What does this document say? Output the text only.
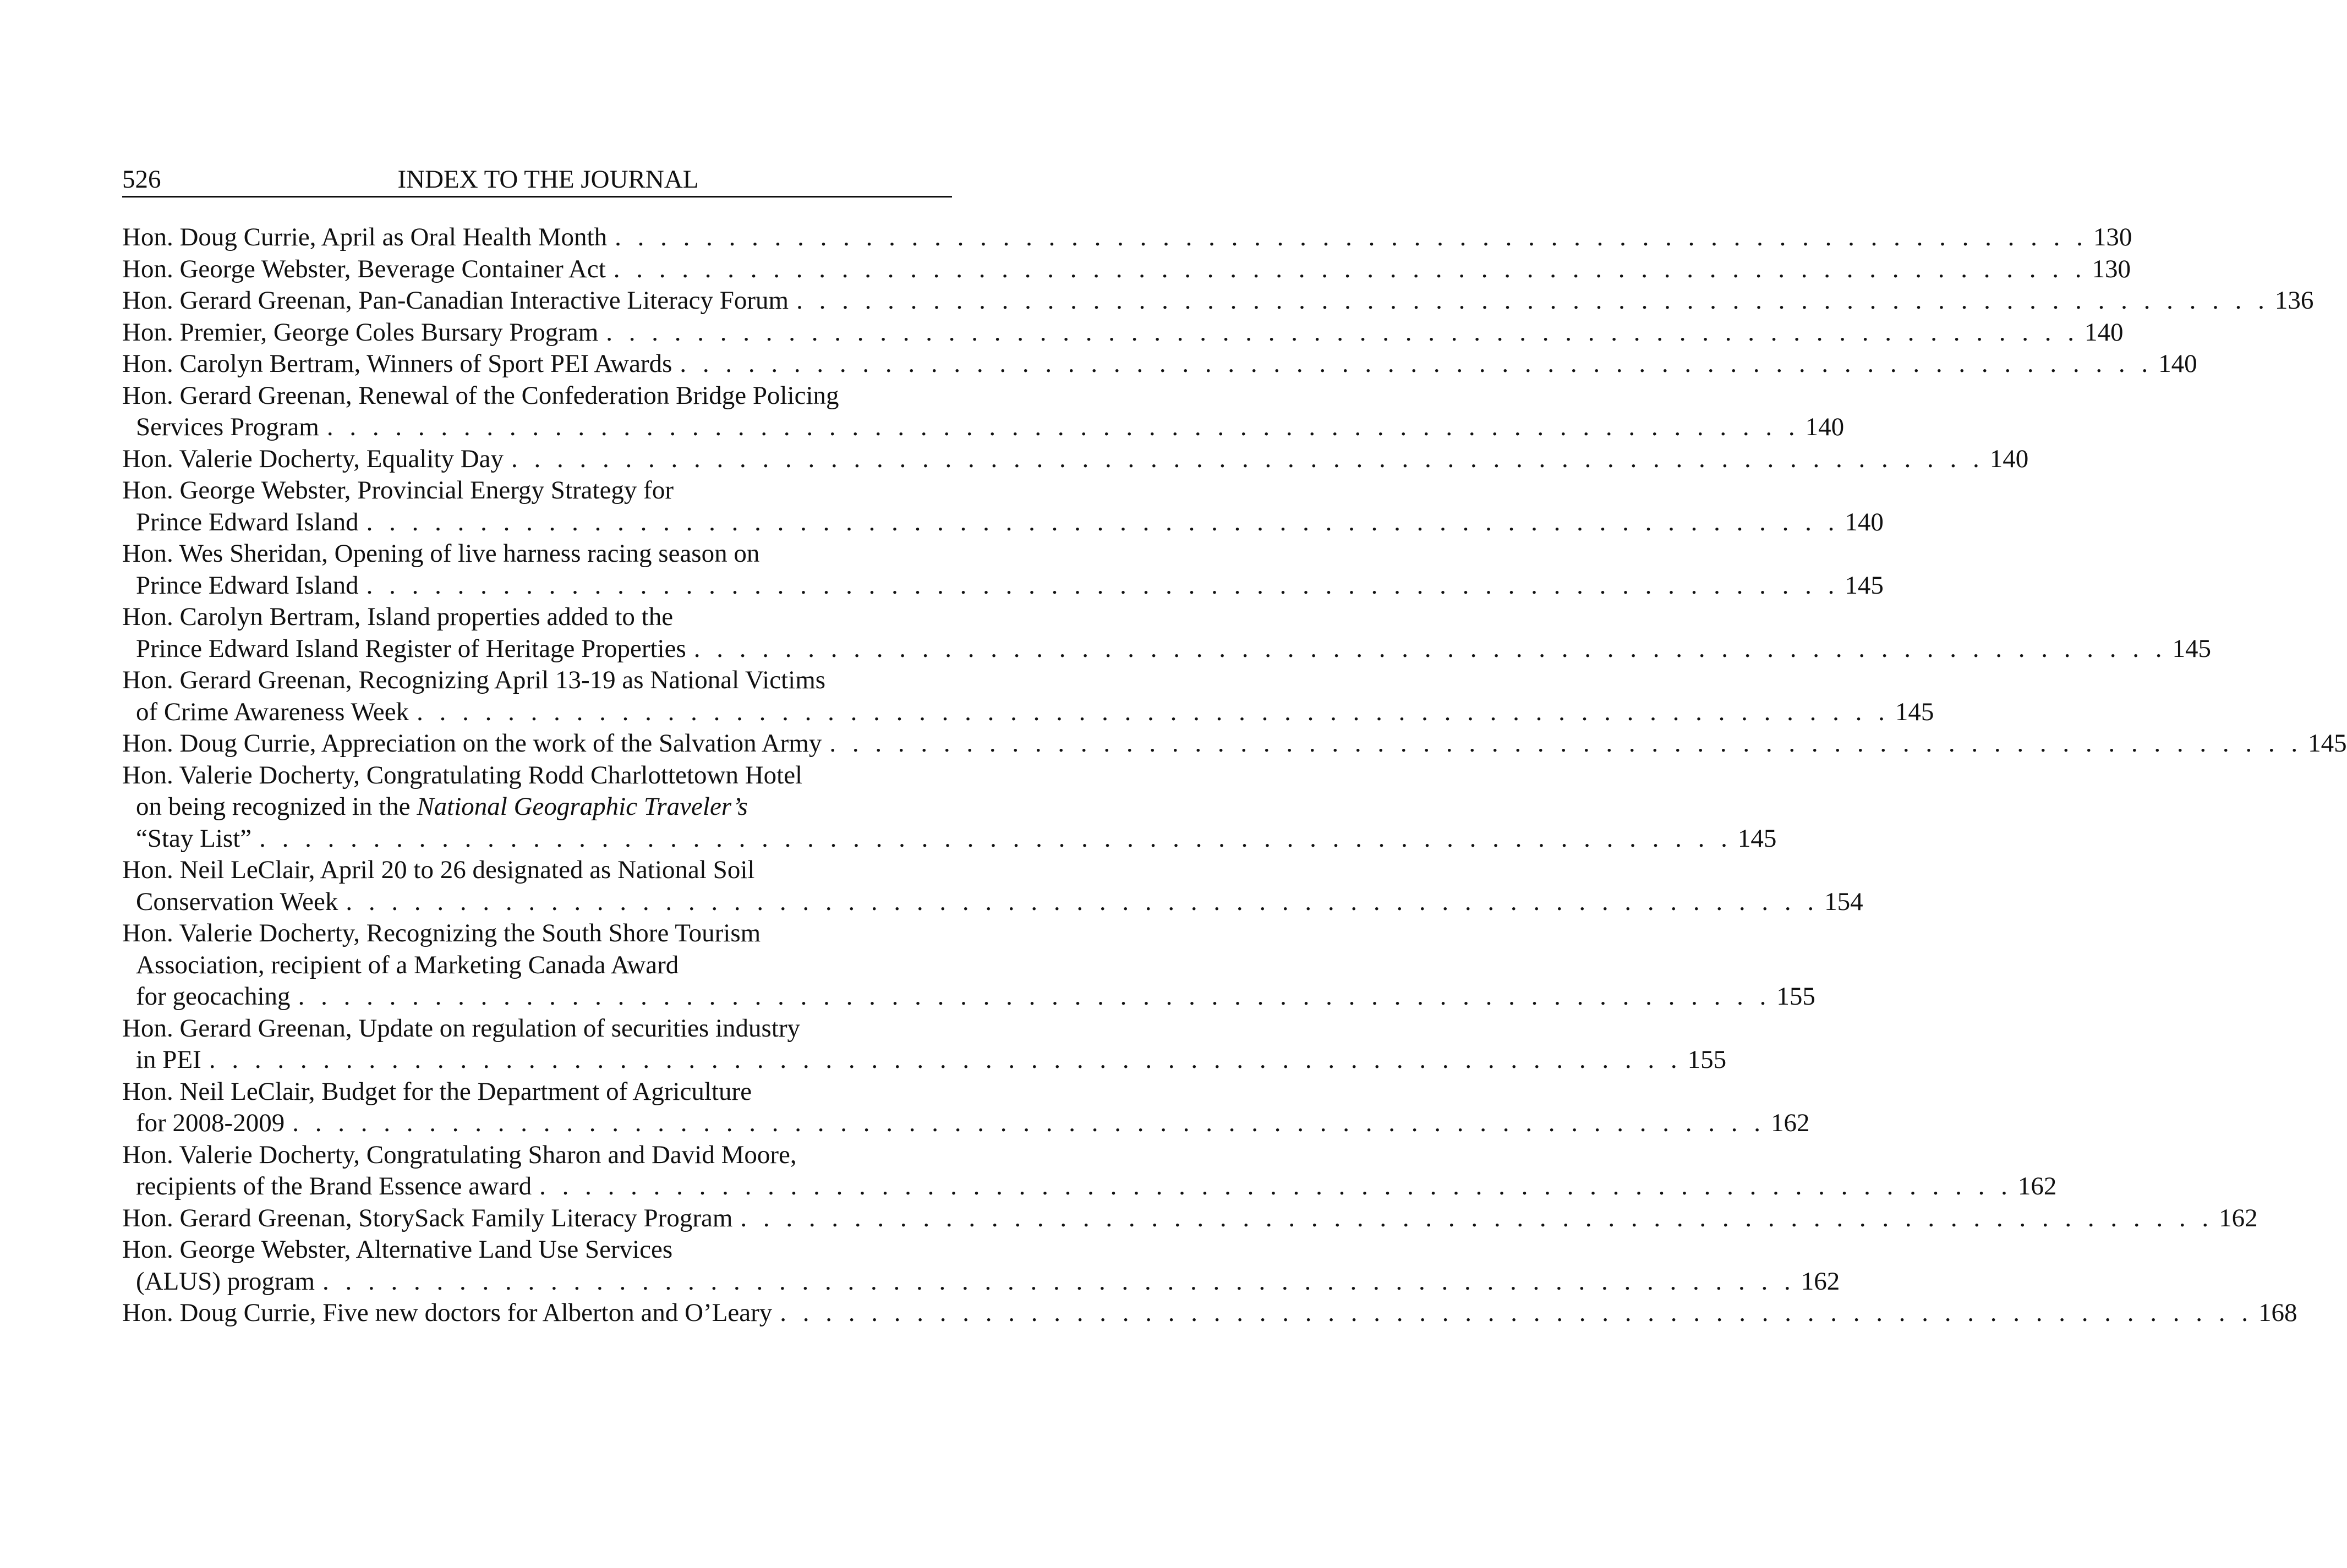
526	INDEX TO THE JOURNAL
Hon. Doug Currie, April as Oral Health Month . . . . . . . . . . . . . . . . . . . . . . . . . . . . . . . . . . . . . . . . . . . . . . . . . . . . . . . . . . . . . . . . . 130
Hon. George Webster, Beverage Container Act . . . . . . . . . . . . . . . . . . . . . . . . . . . . . . . . . . . . . . . . . . . . . . . . . . . . . . . . . . . . . . . . . 130
Hon. Gerard Greenan, Pan-Canadian Interactive Literacy Forum . . . . . . . . . . . . . . . . . . . . . . . . . . . . . . . . . . . . . . . . . . . . . . . . . . . . . . . . . . . . . . . . . 136
Hon. Premier, George Coles Bursary Program . . . . . . . . . . . . . . . . . . . . . . . . . . . . . . . . . . . . . . . . . . . . . . . . . . . . . . . . . . . . . . . . . 140
Hon. Carolyn Bertram, Winners of Sport PEI Awards . . . . . . . . . . . . . . . . . . . . . . . . . . . . . . . . . . . . . . . . . . . . . . . . . . . . . . . . . . . . . . . . . 140
Hon. Gerard Greenan, Renewal of the Confederation Bridge Policing
Services Program . . . . . . . . . . . . . . . . . . . . . . . . . . . . . . . . . . . . . . . . . . . . . . . . . . . . . . . . . . . . . . . . . 140
Hon. Valerie Docherty, Equality Day . . . . . . . . . . . . . . . . . . . . . . . . . . . . . . . . . . . . . . . . . . . . . . . . . . . . . . . . . . . . . . . . . 140
Hon. George Webster, Provincial Energy Strategy for
Prince Edward Island . . . . . . . . . . . . . . . . . . . . . . . . . . . . . . . . . . . . . . . . . . . . . . . . . . . . . . . . . . . . . . . . . 140
Hon. Wes Sheridan, Opening of live harness racing season on
Prince Edward Island . . . . . . . . . . . . . . . . . . . . . . . . . . . . . . . . . . . . . . . . . . . . . . . . . . . . . . . . . . . . . . . . . 145
Hon. Carolyn Bertram, Island properties added to the
Prince Edward Island Register of Heritage Properties . . . . . . . . . . . . . . . . . . . . . . . . . . . . . . . . . . . . . . . . . . . . . . . . . . . . . . . . . . . . . . . . . 145
Hon. Gerard Greenan, Recognizing April 13-19 as National Victims
of Crime Awareness Week . . . . . . . . . . . . . . . . . . . . . . . . . . . . . . . . . . . . . . . . . . . . . . . . . . . . . . . . . . . . . . . . . 145
Hon. Doug Currie, Appreciation on the work of the Salvation Army . . . . . . . . . . . . . . . . . . . . . . . . . . . . . . . . . . . . . . . . . . . . . . . . . . . . . . . . . . . . . . . . . 145
Hon. Valerie Docherty, Congratulating Rodd Charlottetown Hotel
on being recognized in the National Geographic Traveler’s
“Stay List” . . . . . . . . . . . . . . . . . . . . . . . . . . . . . . . . . . . . . . . . . . . . . . . . . . . . . . . . . . . . . . . . . 145
Hon. Neil LeClair, April 20 to 26 designated as National Soil
Conservation Week . . . . . . . . . . . . . . . . . . . . . . . . . . . . . . . . . . . . . . . . . . . . . . . . . . . . . . . . . . . . . . . . . 154
Hon. Valerie Docherty, Recognizing the South Shore Tourism
Association, recipient of a Marketing Canada Award
for geocaching . . . . . . . . . . . . . . . . . . . . . . . . . . . . . . . . . . . . . . . . . . . . . . . . . . . . . . . . . . . . . . . . . 155
Hon. Gerard Greenan, Update on regulation of securities industry
in PEI . . . . . . . . . . . . . . . . . . . . . . . . . . . . . . . . . . . . . . . . . . . . . . . . . . . . . . . . . . . . . . . . . 155
Hon. Neil LeClair, Budget for the Department of Agriculture
for 2008-2009 . . . . . . . . . . . . . . . . . . . . . . . . . . . . . . . . . . . . . . . . . . . . . . . . . . . . . . . . . . . . . . . . . 162
Hon. Valerie Docherty, Congratulating Sharon and David Moore,
recipients of the Brand Essence award . . . . . . . . . . . . . . . . . . . . . . . . . . . . . . . . . . . . . . . . . . . . . . . . . . . . . . . . . . . . . . . . . 162
Hon. Gerard Greenan, StorySack Family Literacy Program . . . . . . . . . . . . . . . . . . . . . . . . . . . . . . . . . . . . . . . . . . . . . . . . . . . . . . . . . . . . . . . . . 162
Hon. George Webster, Alternative Land Use Services
(ALUS) program . . . . . . . . . . . . . . . . . . . . . . . . . . . . . . . . . . . . . . . . . . . . . . . . . . . . . . . . . . . . . . . . . 162
Hon. Doug Currie, Five new doctors for Alberton and O’Leary . . . . . . . . . . . . . . . . . . . . . . . . . . . . . . . . . . . . . . . . . . . . . . . . . . . . . . . . . . . . . . . . . 168
